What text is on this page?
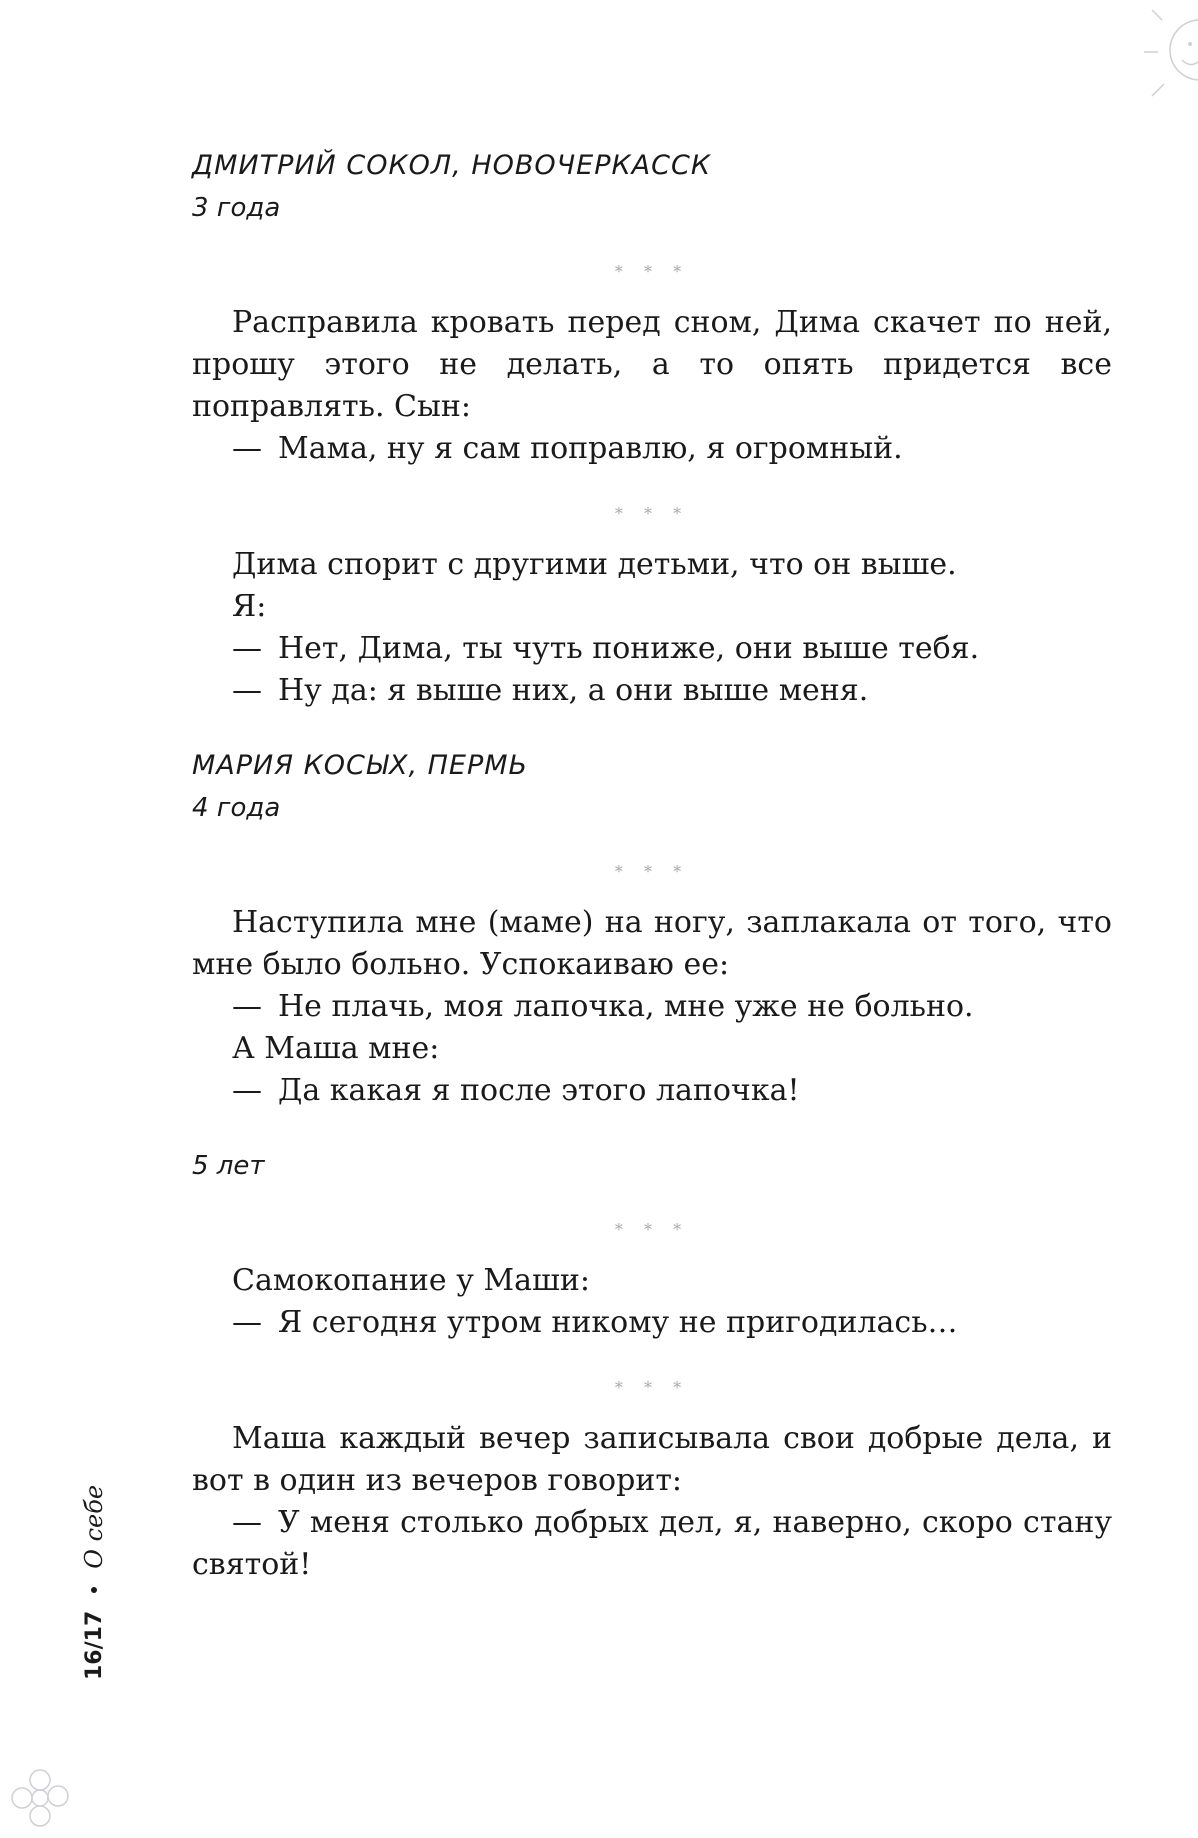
ДМИТРИЙ СОКОЛ, НОВОЧЕРКАССК

3 года

* * *

Расправила кровать перед сном, Дима скачет по ней, прошу этого не делать, а то опять придется все поправлять. Сын:

— Мама, ну я сам поправлю, я огромный.

* * *

Дима спорит с другими детьми, что он выше.

Я:

— Нет, Дима, ты чуть пониже, они выше тебя.

— Ну да: я выше них, а они выше меня.

МАРИЯ КОСЫХ, ПЕРМЬ

4 года

* * *

Наступила мне (маме) на ногу, заплакала от того, что мне было больно. Успокаиваю ее:

— Не плачь, моя лапочка, мне уже не больно.

А Маша мне:

— Да какая я после этого лапочка!

5 лет

* * *

Самокопание у Маши:

— Я сегодня утром никому не пригодилась…

* * *

Маша каждый вечер записывала свои добрые дела, и вот в один из вечеров говорит:

— У меня столько добрых дел, я, наверно, скоро стану святой!

16/17
О себе
